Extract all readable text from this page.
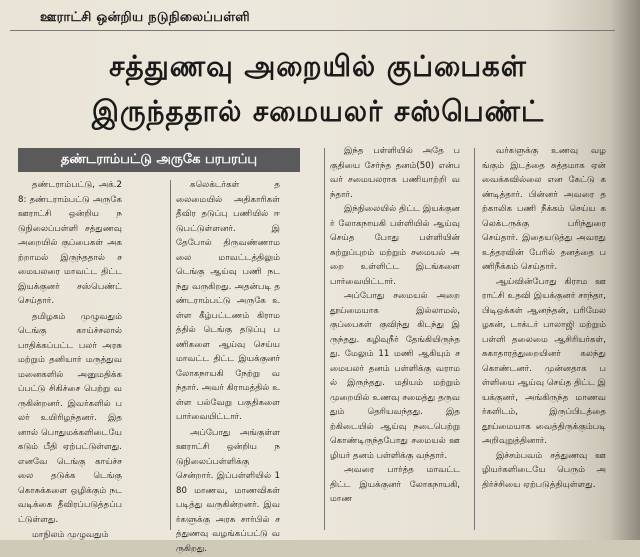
ஊராட்சி ஒன்றிய நடுநிலைப்பள்ளி
சத்துணவு அறையில் குப்பைகள்
இருந்ததால் சமையலர் சஸ்பெண்ட்
தண்டராம்பட்டு அருகே பரபரப்பு

தண்டராம்பட்டு, அக்.28: தண்டராம்பட்டு அருகே ஊராட்சி ஒன்றிய நடுநிலைப்பள்ளி சத்துணவு அறையில் குப்பைகள் அகற்றாமல் இருந்ததால் சமையலரை மாவட்ட திட்ட இயக்குனர் சஸ்பெண்ட் செய்தார்.

தமிழகம் முழுவதும் டெங்கு காய்ச்சலால் பாதிக்கப்பட்ட பலர் அரசு மற்றும் தனியார் மருத்துவமனைகளில் அனுமதிக்கப்பட்டு சிகிச்சை பெற்று வருகின்றனர். இவர்களில் பலர் உயிரிழந்தனர். இதனால் பொதுமக்களிடையே கடும் பீதி ஏற்பட்டுள்ளது. எனவே டெங்கு காய்ச்சலை தடுக்க டெங்கு கொசுக்களை ஒழிக்கும் நடவடிக்கை தீவிரப்படுத்தப்பட்டுள்ளது.

மாநிலம் முழுவதும்

கலெக்டர்கள் தலைமையில் அதிகாரிகள் தீவிர தடுப்பு பணியில் ஈடுபட்டுள்ளனர். இதேபோல் திருவண்ணாமலை மாவட்டத்திலும் டெங்கு ஆய்வு பணி நடந்து வருகிறது. அதன்படி தண்டராம்பட்டு அருகே உள்ள கீழ்பட்டணம் கிராமத்தில் டெங்கு தடுப்பு பணிகளை ஆய்வு செய்ய மாவட்ட திட்ட இயக்குனர் லோகநாயகி நேற்று வந்தார். அவர் கிராமத்தில் உள்ள பல்வேறு பகுதிகளை பார்வையிட்டார்.

அப்போது அங்குள்ள ஊராட்சி ஒன்றிய நடுநிலைப்பள்ளிக்கு சென்றார். இப்பள்ளியில் 180 மாணவ, மாணவிகள் படித்து வருகின்றனர். இவர்களுக்கு அரசு சார்பில் சத்துணவு வழங்கப்பட்டு வருகிறது.

இந்த பள்ளியில் அதே பகுதியை சேர்ந்த தனம்(50) என்பவர் சமையலராக பணியாற்றி வந்தார்.

இந்நிலையில் திட்ட இயக்குனர் லோகநாயகி பள்ளியில் ஆய்வு செய்த போது பள்ளியின் சுற்றுப்புறம் மற்றும் சமையல் அறை உள்ளிட்ட இடங்களை பார்வையிட்டார்.

அப்போது சமையல் அறை தூய்மையாக இல்லாமல், குப்பைகள் குவிந்து கிடந்து இருந்தது. கழிவுநீர் தேங்கியிருந்தது. மேலும் 11 மணி ஆகியும் சமையலர் தனம் பள்ளிக்கு வராமல் இருந்தது. மதியம் மற்றும் முறையில் உணவு சமைத்து தருவதும் தெரியவந்தது. இதற்கிடையில் ஆய்வு நடைபெற்று கொண்டிருந்தபோது சமையல் ஊழியர் தனம் பள்ளிக்கு வந்தார்.

அவரை பார்த்த மாவட்ட திட்ட இயக்குனர் லோகநாயகி, மாண

வர்களுக்கு உணவு வழங்கும் இடத்தை சுத்தமாக ஏன் வைக்கவில்லை என கேட்டு கண்டித்தார். பின்னர் அவரை தற்காலிக பணி நீக்கம் செய்ய கலெக்டருக்கு பரிந்துரை செய்தார். இதையடுத்து அவரது உத்தரவின் பேரில் தனத்தை பணிநீக்கம் செய்தார்.

ஆய்வின்போது கிராம ஊராட்சி உதவி இயக்குனர் சாந்தா, பிடிஒக்கள் ஆனந்தன், பரிமேலழகன், டாக்டர் பாலாஜி மற்றும் பள்ளி தலைமை ஆசிரியர்கள், சுகாதாரத்துறையினர் கலந்து கொண்டனர். முன்னதாக பள்ளியை ஆய்வு செய்த திட்ட இயக்குனர், அங்கிருந்த மாணவர்களிடம், இருப்பிடத்தை தூய்மையாக வைத்திருக்கும்படி அறிவுறுத்தினார்.

இச்சம்பவம் சத்துணவு ஊழியர்களிடையே பெரும் அதிர்ச்சியை ஏற்படுத்தியுள்ளது.
